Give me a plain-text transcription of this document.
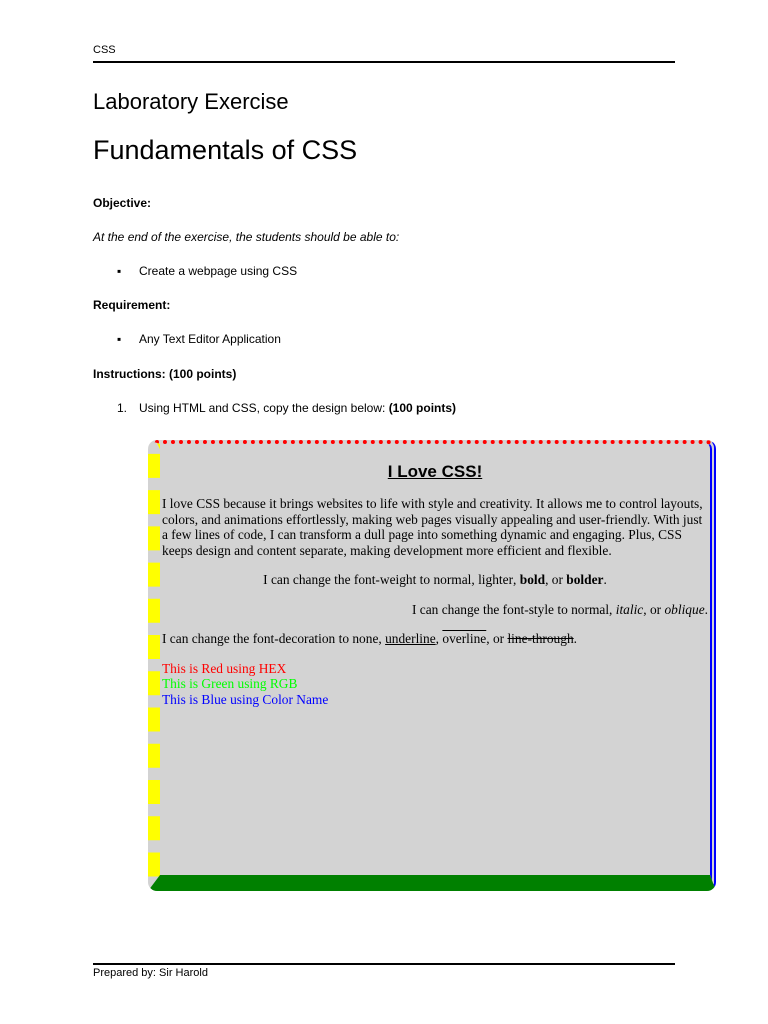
CSS
Laboratory Exercise
Fundamentals of CSS

Objective:

At the end of the exercise, the students should be able to:

▪ Create a webpage using CSS

Requirement:

▪ Any Text Editor Application

Instructions: (100 points)

1. Using HTML and CSS, copy the design below: (100 points)
I Love CSS!

I love CSS because it brings websites to life with style and creativity. It allows me to control layouts, colors, and animations effortlessly, making web pages visually appealing and user-friendly. With just a few lines of code, I can transform a dull page into something dynamic and engaging. Plus, CSS keeps design and content separate, making development more efficient and flexible.

I can change the font-weight to normal, lighter, bold, or bolder.

I can change the font-style to normal, italic, or oblique.

I can change the font-decoration to none, underline, overline, or line-through.

This is Red using HEX
This is Green using RGB
This is Blue using Color Name
Prepared by: Sir Harold
